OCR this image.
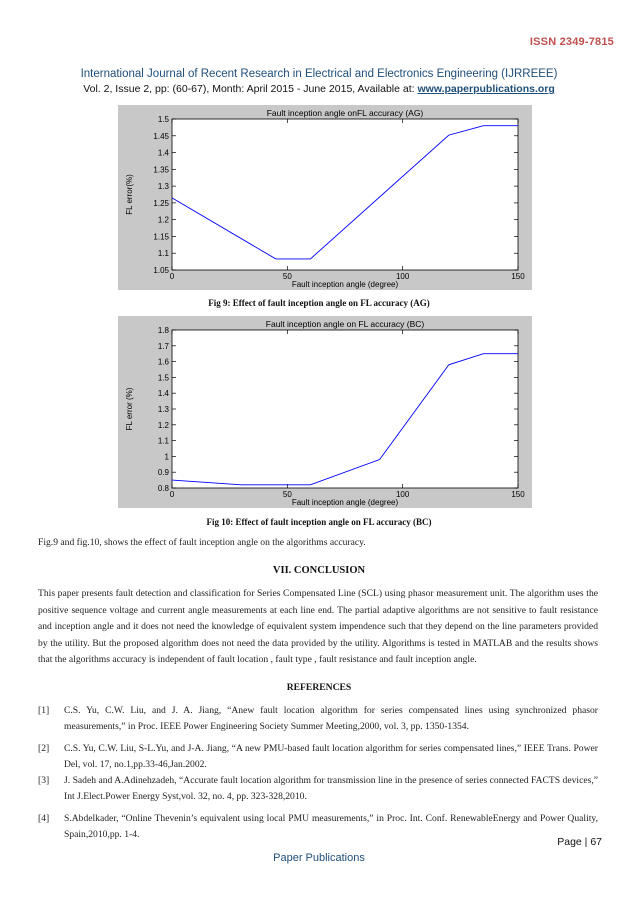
ISSN 2349-7815
International Journal of Recent Research in Electrical and Electronics Engineering (IJRREEE)
Vol. 2, Issue 2, pp: (60-67), Month: April 2015 - June 2015, Available at: www.paperpublications.org
Fault inception angle onFL accuracy (AG)
1.05
1.1
1.15
1.2
1.25
1.3
1.35
1.4
1.45
1.5
0	50	100	150
Fault inception angle (degree)
FL error(%)
Fig 9: Effect of fault inception angle on FL accuracy (AG)
Fault inception angle on FL accuracy (BC)
0.8
0.9
1
1.1
1.2
1.3
1.4
1.5
1.6
1.7
1.8
0	50	100	150
Fault inception angle (degree)
FL error (%)
Fig 10: Effect of fault inception angle on FL accuracy (BC)
Fig.9 and fig.10, shows the effect of fault inception angle on the algorithms accuracy.
VII. CONCLUSION
This paper presents fault detection and classification for Series Compensated Line (SCL) using phasor measurement unit. The algorithm uses the positive sequence voltage and current angle measurements at each line end. The partial adaptive algorithms are not sensitive to fault resistance and inception angle and it does not need the knowledge of equivalent system impendence such that they depend on the line parameters provided by the utility. But the proposed algorithm does not need the data provided by the utility. Algorithms is tested in MATLAB and the results shows that the algorithms accuracy is independent of fault location , fault type , fault resistance and fault inception angle.
REFERENCES
[1] C.S. Yu, C.W. Liu, and J. A. Jiang, “Anew fault location algorithm for series compensated lines using synchronized phasor measurements,” in Proc. IEEE Power Engineering Society Summer Meeting,2000, vol. 3, pp. 1350-1354.
[2] C.S. Yu, C.W. Liu, S-L.Yu, and J-A. Jiang, “A new PMU-based fault location algorithm for series compensated lines,” IEEE Trans. Power Del, vol. 17, no.1,pp.33-46,Jan.2002.
[3] J. Sadeh and A.Adinehzadeh, “Accurate fault location algorithm for transmission line in the presence of series connected FACTS devices,” Int J.Elect.Power Energy Syst,vol. 32, no. 4, pp. 323-328,2010.
[4] S.Abdelkader, “Online Thevenin’s equivalent using local PMU measurements,” in Proc. Int. Conf. RenewableEnergy and Power Quality, Spain,2010,pp. 1-4.
Page | 67
Paper Publications
